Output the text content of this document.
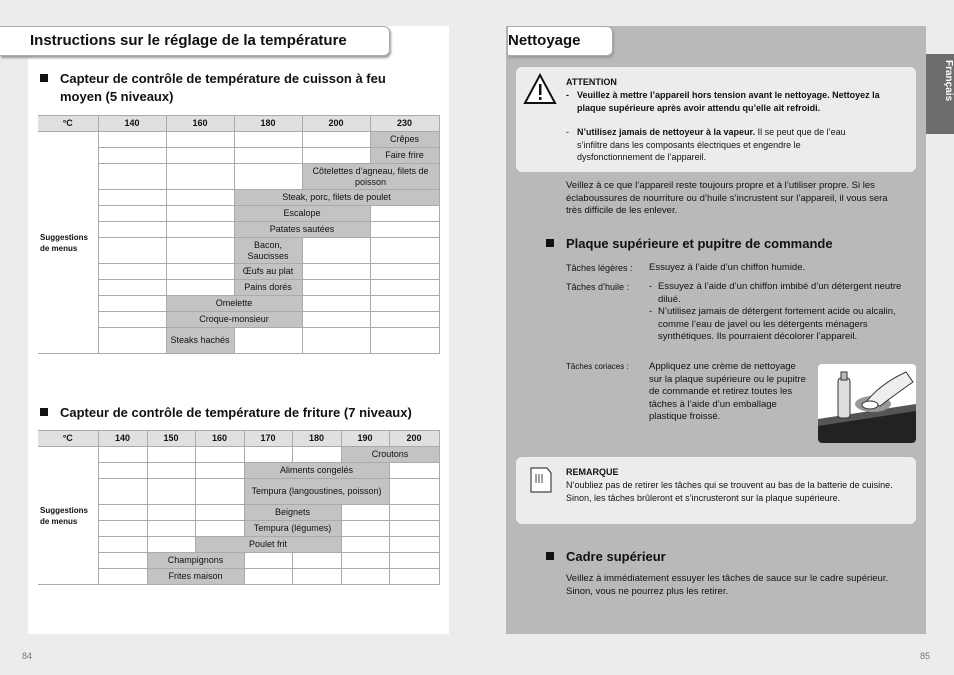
Instructions sur le réglage de la température
Capteur de contrôle de température de cuisson à feu moyen (5 niveaux)
°C	140	160	180	200	230
Suggestions de menus					Crêpes
					Faire frire
				Côtelettes d’agneau, filets de poisson	
			Steak, porc, filets de poulet		
			Escalope		
			Patates sautées		
			Bacon, Saucisses		
			Œufs au plat		
			Pains dorés		
		Omelette			
		Croque-monsieur			
		Steaks hachés			
Capteur de contrôle de température de friture (7 niveaux)
°C	140	150	160	170	180	190	200
Suggestions de menus						Croutons	
				Aliments congelés			
				Tempura (langoustines, poisson)			
				Beignets			
				Tempura (légumes)			
			Poulet frit				
		Champignons					
		Frites maison					
84
Nettoyage
Français
ATTENTION
- Veuillez à mettre l’appareil hors tension avant le nettoyage. Nettoyez la plaque supérieure après avoir attendu qu’elle ait refroidi.
- N’utilisez jamais de nettoyeur à la vapeur. Il se peut que de l’eau s’infiltre dans les composants électriques et engendre le dysfonctionnement de l’appareil.
Veillez à ce que l’appareil reste toujours propre et à l’utiliser propre. Si les éclaboussures de nourriture ou d’huile s’incrustent sur l’appareil, il vous sera très difficile de les enlever.
Plaque supérieure et pupitre de commande
Tâches légères : Essuyez à l’aide d’un chiffon humide.
Tâches d’huile : - Essuyez à l’aide d’un chiffon imbibé d’un détergent neutre dilué.
- N’utilisez jamais de détergent fortement acide ou alcalin, comme l’eau de javel ou les détergents ménagers synthétiques. Ils pourraient décolorer l’appareil.
Tâches coriaces : Appliquez une crème de nettoyage sur la plaque supérieure ou le pupitre de commande et retirez toutes les tâches à l’aide d’un emballage plastique froissé.
REMARQUE
N’oubliez pas de retirer les tâches qui se trouvent au bas de la batterie de cuisine. Sinon, les tâches brûleront et s’incrusteront sur la plaque supérieure.
Cadre supérieur
Veillez à immédiatement essuyer les tâches de sauce sur le cadre supérieur. Sinon, vous ne pourrez plus les retirer.
85
